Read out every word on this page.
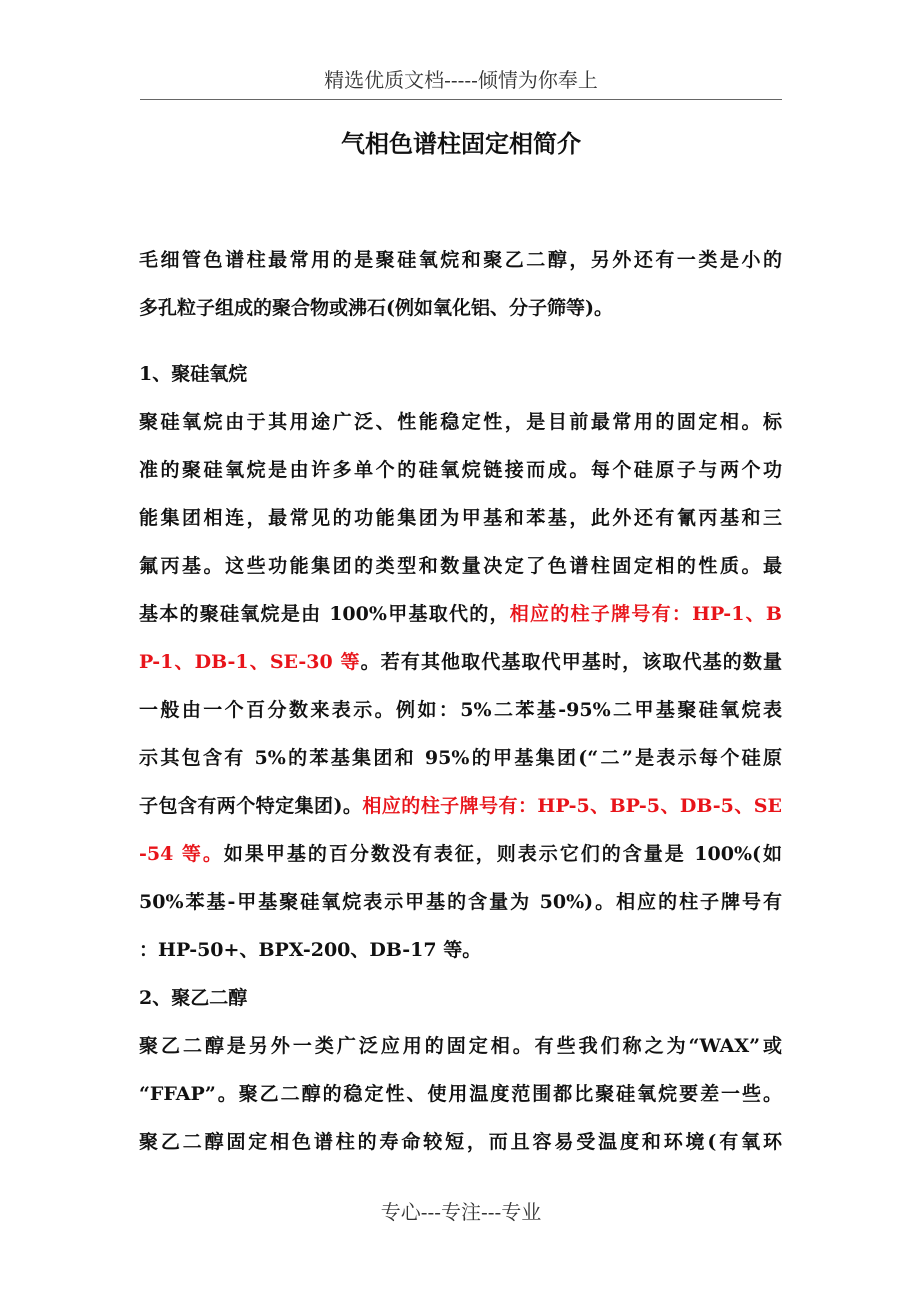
精选优质文档-----倾情为你奉上
气相色谱柱固定相简介
毛细管色谱柱最常用的是聚硅氧烷和聚乙二醇，另外还有一类是小的
多孔粒子组成的聚合物或沸石(例如氧化铝、分子筛等)。
1、聚硅氧烷
聚硅氧烷由于其用途广泛、性能稳定性，是目前最常用的固定相。标
准的聚硅氧烷是由许多单个的硅氧烷链接而成。每个硅原子与两个功
能集团相连，最常见的功能集团为甲基和苯基，此外还有氰丙基和三
氟丙基。这些功能集团的类型和数量决定了色谱柱固定相的性质。最
基本的聚硅氧烷是由 100%甲基取代的，相应的柱子牌号有：HP-1、B
P-1、DB-1、SE-30 等。若有其他取代基取代甲基时，该取代基的数量
一般由一个百分数来表示。例如：5%二苯基-95%二甲基聚硅氧烷表
示其包含有 5%的苯基集团和 95%的甲基集团(“二”是表示每个硅原
子包含有两个特定集团)。相应的柱子牌号有：HP-5、BP-5、DB-5、SE
-54 等。如果甲基的百分数没有表征，则表示它们的含量是 100%(如
50%苯基-甲基聚硅氧烷表示甲基的含量为 50%)。相应的柱子牌号有
：HP-50+、BPX-200、DB-17 等。
2、聚乙二醇
聚乙二醇是另外一类广泛应用的固定相。有些我们称之为“WAX”或
“FFAP”。聚乙二醇的稳定性、使用温度范围都比聚硅氧烷要差一些。
聚乙二醇固定相色谱柱的寿命较短，而且容易受温度和环境(有氧环
专心---专注---专业
